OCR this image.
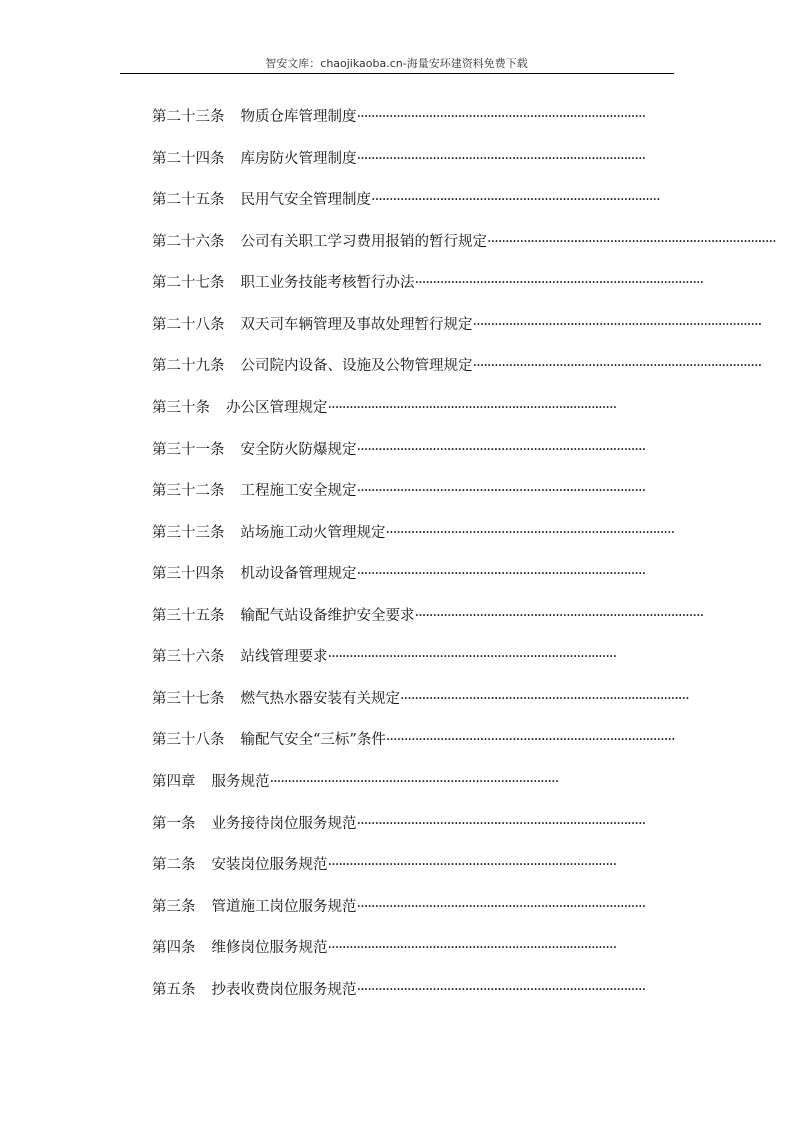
智安文库：chaojikaoba.cn-海量安环建资料免费下载
第二十三条 物质仓库管理制度 ················································································
第二十四条 库房防火管理制度 ················································································
第二十五条 民用气安全管理制度 ················································································
第二十六条 公司有关职工学习费用报销的暂行规定 ················································································
第二十七条 职工业务技能考核暂行办法 ················································································
第二十八条 双天司车辆管理及事故处理暂行规定 ················································································
第二十九条 公司院内设备、设施及公物管理规定 ················································································
第三十条 办公区管理规定 ················································································
第三十一条 安全防火防爆规定 ················································································
第三十二条 工程施工安全规定 ················································································
第三十三条 站场施工动火管理规定 ················································································
第三十四条 机动设备管理规定 ················································································
第三十五条 输配气站设备维护安全要求 ················································································
第三十六条 站线管理要求 ················································································
第三十七条 燃气热水器安装有关规定 ················································································
第三十八条 输配气安全“三标”条件 ················································································
第四章 服务规范 ················································································
第一条 业务接待岗位服务规范 ················································································
第二条 安装岗位服务规范 ················································································
第三条 管道施工岗位服务规范 ················································································
第四条 维修岗位服务规范 ················································································
第五条 抄表收费岗位服务规范 ················································································
